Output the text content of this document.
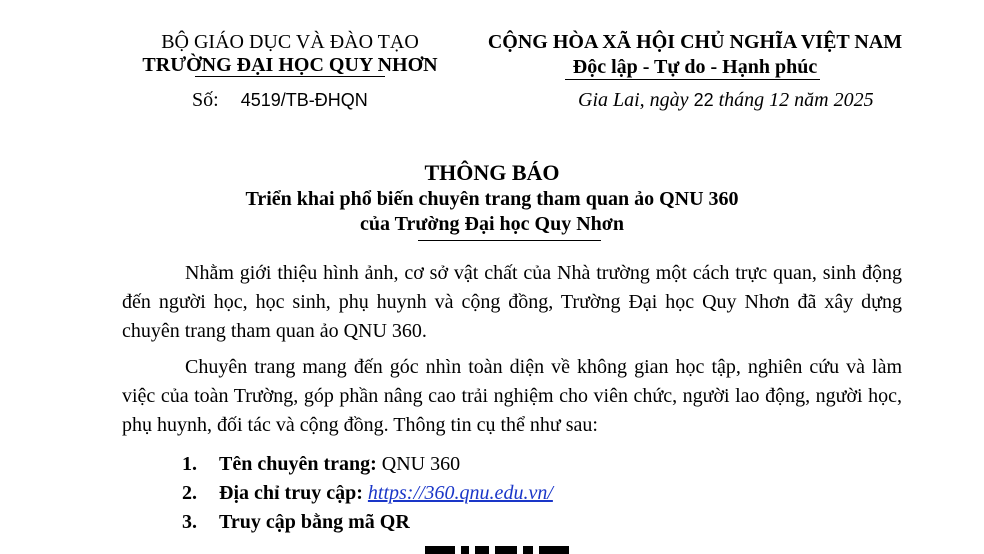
BỘ GIÁO DỤC VÀ ĐÀO TẠO
TRƯỜNG ĐẠI HỌC QUY NHƠN
Số: 4519/TB-ĐHQN
CỘNG HÒA XÃ HỘI CHỦ NGHĨA VIỆT NAM
Độc lập - Tự do - Hạnh phúc
Gia Lai, ngày 22 tháng 12 năm 2025
THÔNG BÁO
Triển khai phổ biến chuyên trang tham quan ảo QNU 360
của Trường Đại học Quy Nhơn
Nhằm giới thiệu hình ảnh, cơ sở vật chất của Nhà trường một cách trực quan, sinh động đến người học, học sinh, phụ huynh và cộng đồng, Trường Đại học Quy Nhơn đã xây dựng chuyên trang tham quan ảo QNU 360.
Chuyên trang mang đến góc nhìn toàn diện về không gian học tập, nghiên cứu và làm việc của toàn Trường, góp phần nâng cao trải nghiệm cho viên chức, người lao động, người học, phụ huynh, đối tác và cộng đồng. Thông tin cụ thể như sau:
1. Tên chuyên trang: QNU 360
2. Địa chỉ truy cập: https://360.qnu.edu.vn/
3. Truy cập bằng mã QR
